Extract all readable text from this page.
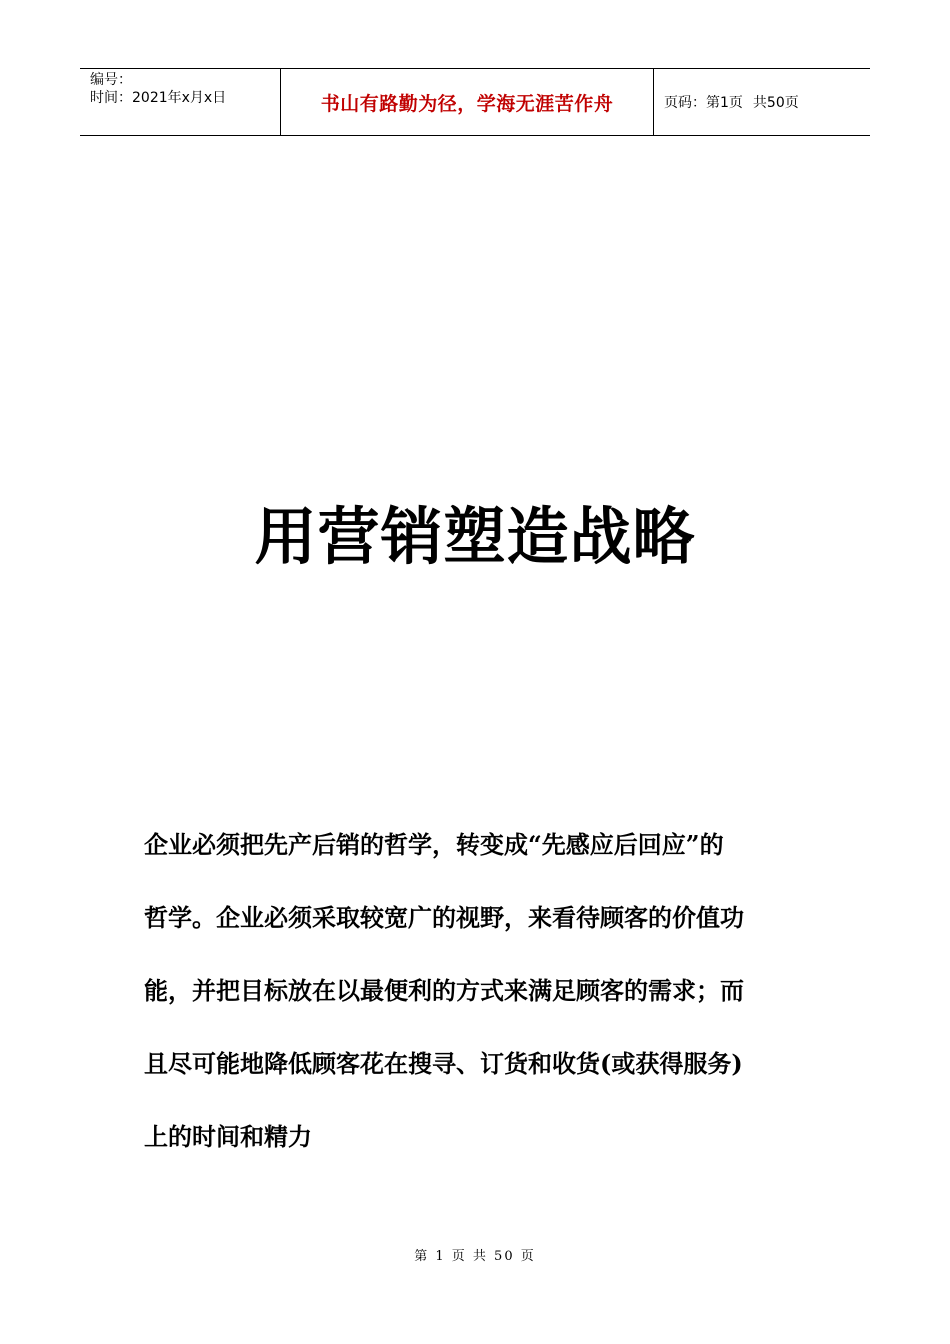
编号：
时间：2021年x月x日	书山有路勤为径，学海无涯苦作舟	页码：第1页 共50页
用营销塑造战略
企业必须把先产后销的哲学，转变成“先感应后回应”的
哲学。企业必须采取较宽广的视野，来看待顾客的价值功
能，并把目标放在以最便利的方式来满足顾客的需求；而
且尽可能地降低顾客花在搜寻、订货和收货(或获得服务)
上的时间和精力
第 1 页 共 50 页
